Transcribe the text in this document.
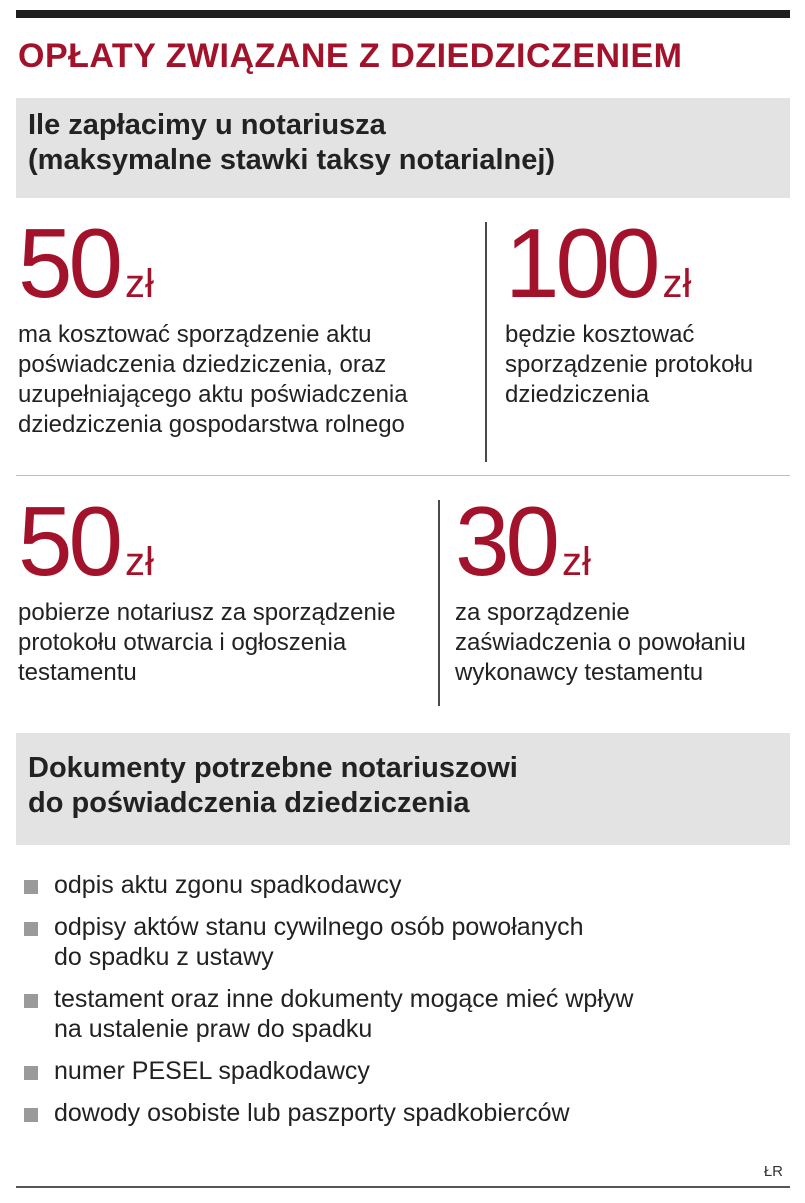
OPŁATY ZWIĄZANE Z DZIEDZICZENIEM
Ile zapłacimy u notariusza
(maksymalne stawki taksy notarialnej)
50 zł

ma kosztować sporządzenie aktu
poświadczenia dziedziczenia, oraz
uzupełniającego aktu poświadczenia
dziedziczenia gospodarstwa rolnego

100 zł

będzie kosztować
sporządzenie protokołu
dziedziczenia

50 zł

pobierze notariusz za sporządzenie
protokołu otwarcia i ogłoszenia
testamentu

30 zł

za sporządzenie
zaświadczenia o powołaniu
wykonawcy testamentu

Dokumenty potrzebne notariuszowi
do poświadczenia dziedziczenia
odpis aktu zgonu spadkodawcy
odpisy aktów stanu cywilnego osób powołanych
do spadku z ustawy
testament oraz inne dokumenty mogące mieć wpływ
na ustalenie praw do spadku
numer PESEL spadkodawcy
dowody osobiste lub paszporty spadkobierców
ŁR
